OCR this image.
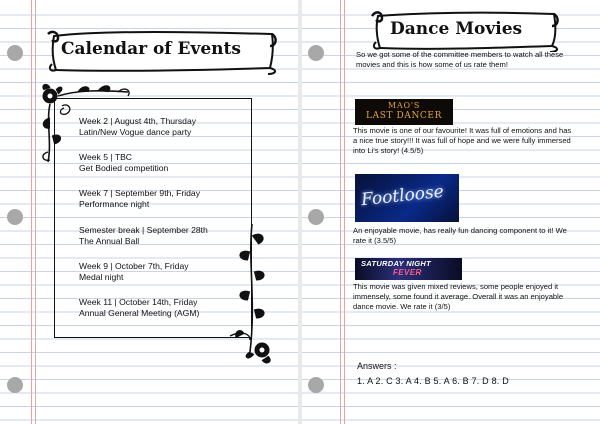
Calendar of Events
Week 2 | August 4th, Thursday
Latin/New Vogue dance party
Week 5 | TBC
Get Bodied competition
Week 7 | September 9th, Friday
Performance night
Semester break | September 28th
The Annual Ball
Week 9 | October 7th, Friday
Medal night
Week 11 | October 14th, Friday
Annual General Meeting (AGM)
Dance Movies
So we got some of the committee members to watch all these movies and this is how some of us rate them!
MAO'S
LAST DANCER
This movie is one of our favourite! It was full of emotions and has a nice true story!!! It was full of hope and we were fully immersed into Li's story! (4.5/5)
Footloose
An enjoyable movie, has really fun dancing component to it! We rate it (3.5/5)
SATURDAY NIGHT
FEVER
This movie was given mixed reviews, some people enjoyed it immensely, some found it average. Overall it was an enjoyable dance movie. We rate it (3/5)
Answers :
1. A 2. C 3. A 4. B 5. A 6. B 7. D 8. D
